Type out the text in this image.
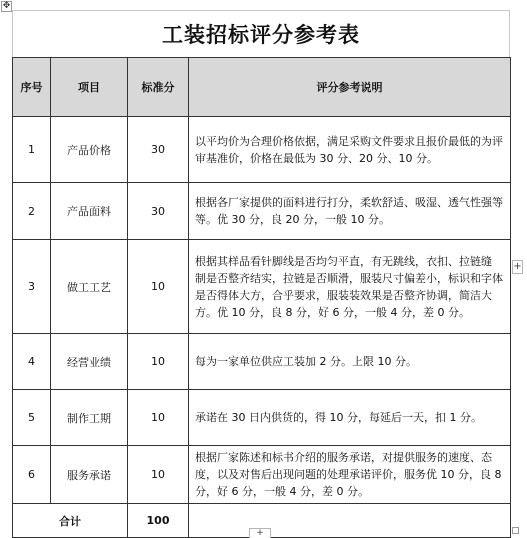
✥
工装招标评分参考表
序号	项目	标准分	评分参考说明
1	产品价格	30	以平均价为合理价格依据，满足采购文件要求且报价最低的为评审基准价，价格在最低为 30 分、20 分、10 分。
2	产品面料	30	根据各厂家提供的面料进行打分，柔软舒适、吸湿、透气性强等等。优 30 分，良 20 分，一般 10 分。
3	做工工艺	10	根据其样品看针脚线是否均匀平直，有无跳线，衣扣、拉链缝 制是否整齐结实，拉链是否顺滑，服装尺寸偏差小，标识和字体 是否得体大方，合乎要求，服装装效果是否整齐协调，简洁大方。优 10 分，良 8 分，好 6 分，一般 4 分，差 0 分。
4	经营业绩	10	每为一家单位供应工装加 2 分。上限 10 分。
5	制作工期	10	承诺在 30 日内供货的，得 10 分，每延后一天，扣 1 分。
6	服务承诺	10	根据厂家陈述和标书介绍的服务承诺，对提供服务的速度、态度，以及对售后出现问题的处理承诺评价，服务优 10 分，良 8 分，好 6 分，一般 4 分，差 0 分。
合计		100	
+
+
